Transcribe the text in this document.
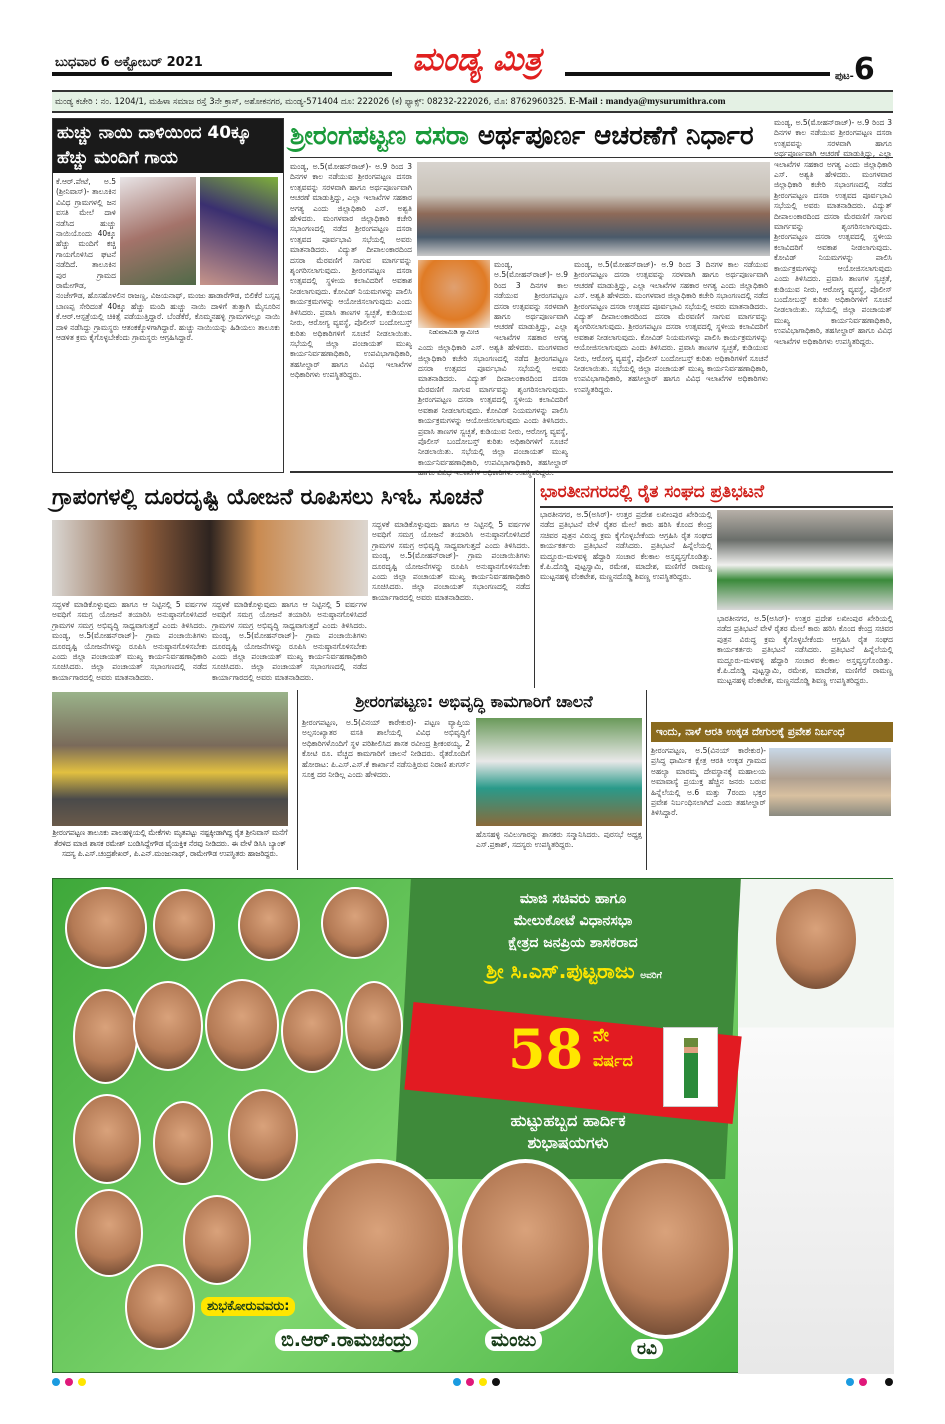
ಬುಧವಾರ 6 ಅಕ್ಟೋಬರ್ 2021	ಮಂಡ್ಯ ಮಿತ್ರ	ಪುಟ-6
ಮಂಡ್ಯ ಕಚೇರಿ : ನಂ. 1204/1, ಮಹಿಳಾ ಸಮಾಜ ರಸ್ತೆ 3ನೇ ಕ್ರಾಸ್, ಅಶೋಕನಗರ, ಮಂಡ್ಯ-571404 ದೂ: 222026 (ಕ) ಫ್ಯಾಕ್ಸ್: 08232-222026, ಮೊ: 8762960325. E-Mail : mandya@mysurumithra.com
ಹುಚ್ಚು ನಾಯಿ ದಾಳಿಯಿಂದ 40ಕ್ಕೂ ಹೆಚ್ಚು ಮಂದಿಗೆ ಗಾಯ
ಕೆ.ಆರ್.ಪೇಟೆ, ಅ.5 (ಶ್ರೀನಿವಾಸ್)- ತಾಲೂಕಿನ ವಿವಿಧ ಗ್ರಾಮಗಳಲ್ಲಿ ಜನ ವಸತಿ ಮೇಲೆ ದಾಳಿ ನಡೆಸಿದ ಹುಚ್ಚು ನಾಯಿಯೊಂದು 40ಕ್ಕೂ ಹೆಚ್ಚು ಮಂದಿಗೆ ಕಚ್ಚಿ ಗಾಯಗೊಳಿಸಿದ ಘಟನೆ ನಡೆದಿದೆ. ತಾಲೂಕಿನ ಪುರ ಗ್ರಾಮದ ರಾಮೇಗೌಡ, ನಂಜೇಗೌಡ, ಹೊಸಹೊಳಲಿನ ರಾಜಣ್ಣ, ವಿಜಯನಾಥ್, ಮಂಜು ಹಾಡಾರೆಗೌಡ, ಬಿಲಿಕೆರೆ ಬಸ್ಸಪ್ಪ ಬಾಣಪ್ಪ ಸೇರಿದಂತೆ 40ಕ್ಕೂ ಹೆಚ್ಚು ಮಂದಿ ಹುಚ್ಚು ನಾಯಿ ದಾಳಿಗೆ ತುತ್ತಾಗಿ ಮೈಸೂರಿನ ಕೆ.ಆರ್.ಆಸ್ಪತ್ರೆಯಲ್ಲಿ ಚಿಕಿತ್ಸೆ ಪಡೆಯುತ್ತಿದ್ದಾರೆ. ಬೆಂಡೆಕೆರೆ, ಕೊಮ್ಮನಹಳ್ಳಿ ಗ್ರಾಮಗಳಲ್ಲೂ ನಾಯಿ ದಾಳಿ ನಡೆಸಿದ್ದು ಗ್ರಾಮಸ್ಥರು ಆತಂಕಕ್ಕೊಳಗಾಗಿದ್ದಾರೆ. ಹುಚ್ಚು ನಾಯಿಯನ್ನು ಹಿಡಿಯಲು ತಾಲೂಕು ಆಡಳಿತ ಕ್ರಮ ಕೈಗೊಳ್ಳಬೇಕೆಂದು ಗ್ರಾಮಸ್ಥರು ಆಗ್ರಹಿಸಿದ್ದಾರೆ.
ಶ್ರೀರಂಗಪಟ್ಟಣ ದಸರಾ ಅರ್ಥಪೂರ್ಣ ಆಚರಣೆಗೆ ನಿರ್ಧಾರ
ಮಂಡ್ಯ, ಅ.5(ಮೋಹನ್‌ರಾಜ್)- ಅ.9 ರಿಂದ 3 ದಿನಗಳ ಕಾಲ ನಡೆಯುವ ಶ್ರೀರಂಗಪಟ್ಟಣ ದಸರಾ ಉತ್ಸವವನ್ನು ಸರಳವಾಗಿ ಹಾಗೂ ಅರ್ಥಪೂರ್ಣವಾಗಿ ಆಚರಣೆ ಮಾಡುತ್ತಿದ್ದು, ಎಲ್ಲಾ ಇಲಾಖೆಗಳ ಸಹಕಾರ ಅಗತ್ಯ ಎಂದು ಜಿಲ್ಲಾಧಿಕಾರಿ ಎಸ್. ಅಶ್ವತಿ ಹೇಳಿದರು. ಮಂಗಳವಾರ ಜಿಲ್ಲಾಧಿಕಾರಿ ಕಚೇರಿ ಸಭಾಂಗಣದಲ್ಲಿ ನಡೆದ ಶ್ರೀರಂಗಪಟ್ಟಣ ದಸರಾ ಉತ್ಸವದ ಪೂರ್ವಭಾವಿ ಸಭೆಯಲ್ಲಿ ಅವರು ಮಾತನಾಡಿದರು. ವಿದ್ಯುತ್ ದೀಪಾಲಂಕಾರದಿಂದ ದಸರಾ ಮೆರವಣಿಗೆ ಸಾಗುವ ಮಾರ್ಗವನ್ನು ಶೃಂಗರಿಸಲಾಗುವುದು. ಶ್ರೀರಂಗಪಟ್ಟಣ ದಸರಾ ಉತ್ಸವದಲ್ಲಿ ಸ್ಥಳೀಯ ಕಲಾವಿದರಿಗೆ ಅವಕಾಶ ನೀಡಲಾಗುವುದು. ಕೋವಿಡ್ ನಿಯಮಗಳನ್ನು ಪಾಲಿಸಿ ಕಾರ್ಯಕ್ರಮಗಳನ್ನು ಆಯೋಜಿಸಲಾಗುವುದು ಎಂದು ತಿಳಿಸಿದರು. ಪ್ರವಾಸಿ ತಾಣಗಳ ಸ್ವಚ್ಛತೆ, ಕುಡಿಯುವ ನೀರು, ಆರೋಗ್ಯ ವ್ಯವಸ್ಥೆ, ಪೊಲೀಸ್ ಬಂದೋಬಸ್ತ್ ಕುರಿತು ಅಧಿಕಾರಿಗಳಿಗೆ ಸೂಚನೆ ನೀಡಲಾಯಿತು. ಸಭೆಯಲ್ಲಿ ಜಿಲ್ಲಾ ಪಂಚಾಯತ್ ಮುಖ್ಯ ಕಾರ್ಯನಿರ್ವಹಣಾಧಿಕಾರಿ, ಉಪವಿಭಾಗಾಧಿಕಾರಿ, ತಹಸೀಲ್ದಾರ್ ಹಾಗೂ ವಿವಿಧ ಇಲಾಖೆಗಳ ಅಧಿಕಾರಿಗಳು ಉಪಸ್ಥಿತರಿದ್ದರು.
ನಿಡುಮಾಮಿಡಿ ಸ್ವಾಮೀಜಿ
ಮಂಡ್ಯ, ಅ.5(ಮೋಹನ್‌ರಾಜ್)- ಅ.9 ರಿಂದ 3 ದಿನಗಳ ಕಾಲ ನಡೆಯುವ ಶ್ರೀರಂಗಪಟ್ಟಣ ದಸರಾ ಉತ್ಸವವನ್ನು ಸರಳವಾಗಿ ಹಾಗೂ ಅರ್ಥಪೂರ್ಣವಾಗಿ ಆಚರಣೆ ಮಾಡುತ್ತಿದ್ದು, ಎಲ್ಲಾ ಇಲಾಖೆಗಳ ಸಹಕಾರ ಅಗತ್ಯ ಎಂದು ಜಿಲ್ಲಾಧಿಕಾರಿ ಎಸ್. ಅಶ್ವತಿ ಹೇಳಿದರು. ಮಂಗಳವಾರ ಜಿಲ್ಲಾಧಿಕಾರಿ ಕಚೇರಿ ಸಭಾಂಗಣದಲ್ಲಿ ನಡೆದ ಶ್ರೀರಂಗಪಟ್ಟಣ ದಸರಾ ಉತ್ಸವದ ಪೂರ್ವಭಾವಿ ಸಭೆಯಲ್ಲಿ ಅವರು ಮಾತನಾಡಿದರು. ವಿದ್ಯುತ್ ದೀಪಾಲಂಕಾರದಿಂದ ದಸರಾ ಮೆರವಣಿಗೆ ಸಾಗುವ ಮಾರ್ಗವನ್ನು ಶೃಂಗರಿಸಲಾಗುವುದು. ಶ್ರೀರಂಗಪಟ್ಟಣ ದಸರಾ ಉತ್ಸವದಲ್ಲಿ ಸ್ಥಳೀಯ ಕಲಾವಿದರಿಗೆ ಅವಕಾಶ ನೀಡಲಾಗುವುದು. ಕೋವಿಡ್ ನಿಯಮಗಳನ್ನು ಪಾಲಿಸಿ ಕಾರ್ಯಕ್ರಮಗಳನ್ನು ಆಯೋಜಿಸಲಾಗುವುದು ಎಂದು ತಿಳಿಸಿದರು. ಪ್ರವಾಸಿ ತಾಣಗಳ ಸ್ವಚ್ಛತೆ, ಕುಡಿಯುವ ನೀರು, ಆರೋಗ್ಯ ವ್ಯವಸ್ಥೆ, ಪೊಲೀಸ್ ಬಂದೋಬಸ್ತ್ ಕುರಿತು ಅಧಿಕಾರಿಗಳಿಗೆ ಸೂಚನೆ ನೀಡಲಾಯಿತು. ಸಭೆಯಲ್ಲಿ ಜಿಲ್ಲಾ ಪಂಚಾಯತ್ ಮುಖ್ಯ ಕಾರ್ಯನಿರ್ವಹಣಾಧಿಕಾರಿ, ಉಪವಿಭಾಗಾಧಿಕಾರಿ, ತಹಸೀಲ್ದಾರ್ ಹಾಗೂ ವಿವಿಧ ಇಲಾಖೆಗಳ ಅಧಿಕಾರಿಗಳು ಉಪಸ್ಥಿತರಿದ್ದರು.
ಮಂಡ್ಯ, ಅ.5(ಮೋಹನ್‌ರಾಜ್)- ಅ.9 ರಿಂದ 3 ದಿನಗಳ ಕಾಲ ನಡೆಯುವ ಶ್ರೀರಂಗಪಟ್ಟಣ ದಸರಾ ಉತ್ಸವವನ್ನು ಸರಳವಾಗಿ ಹಾಗೂ ಅರ್ಥಪೂರ್ಣವಾಗಿ ಆಚರಣೆ ಮಾಡುತ್ತಿದ್ದು, ಎಲ್ಲಾ ಇಲಾಖೆಗಳ ಸಹಕಾರ ಅಗತ್ಯ ಎಂದು ಜಿಲ್ಲಾಧಿಕಾರಿ ಎಸ್. ಅಶ್ವತಿ ಹೇಳಿದರು. ಮಂಗಳವಾರ ಜಿಲ್ಲಾಧಿಕಾರಿ ಕಚೇರಿ ಸಭಾಂಗಣದಲ್ಲಿ ನಡೆದ ಶ್ರೀರಂಗಪಟ್ಟಣ ದಸರಾ ಉತ್ಸವದ ಪೂರ್ವಭಾವಿ ಸಭೆಯಲ್ಲಿ ಅವರು ಮಾತನಾಡಿದರು. ವಿದ್ಯುತ್ ದೀಪಾಲಂಕಾರದಿಂದ ದಸರಾ ಮೆರವಣಿಗೆ ಸಾಗುವ ಮಾರ್ಗವನ್ನು ಶೃಂಗರಿಸಲಾಗುವುದು. ಶ್ರೀರಂಗಪಟ್ಟಣ ದಸರಾ ಉತ್ಸವದಲ್ಲಿ ಸ್ಥಳೀಯ ಕಲಾವಿದರಿಗೆ ಅವಕಾಶ ನೀಡಲಾಗುವುದು. ಕೋವಿಡ್ ನಿಯಮಗಳನ್ನು ಪಾಲಿಸಿ ಕಾರ್ಯಕ್ರಮಗಳನ್ನು ಆಯೋಜಿಸಲಾಗುವುದು ಎಂದು ತಿಳಿಸಿದರು. ಪ್ರವಾಸಿ ತಾಣಗಳ ಸ್ವಚ್ಛತೆ, ಕುಡಿಯುವ ನೀರು, ಆರೋಗ್ಯ ವ್ಯವಸ್ಥೆ, ಪೊಲೀಸ್ ಬಂದೋಬಸ್ತ್ ಕುರಿತು ಅಧಿಕಾರಿಗಳಿಗೆ ಸೂಚನೆ ನೀಡಲಾಯಿತು. ಸಭೆಯಲ್ಲಿ ಜಿಲ್ಲಾ ಪಂಚಾಯತ್ ಮುಖ್ಯ ಕಾರ್ಯನಿರ್ವಹಣಾಧಿಕಾರಿ, ಉಪವಿಭಾಗಾಧಿಕಾರಿ, ತಹಸೀಲ್ದಾರ್ ಹಾಗೂ ವಿವಿಧ ಇಲಾಖೆಗಳ ಅಧಿಕಾರಿಗಳು ಉಪಸ್ಥಿತರಿದ್ದರು.
ಮಂಡ್ಯ, ಅ.5(ಮೋಹನ್‌ರಾಜ್)- ಅ.9 ರಿಂದ 3 ದಿನಗಳ ಕಾಲ ನಡೆಯುವ ಶ್ರೀರಂಗಪಟ್ಟಣ ದಸರಾ ಉತ್ಸವವನ್ನು ಸರಳವಾಗಿ ಹಾಗೂ ಅರ್ಥಪೂರ್ಣವಾಗಿ ಆಚರಣೆ ಮಾಡುತ್ತಿದ್ದು, ಎಲ್ಲಾ ಇಲಾಖೆಗಳ ಸಹಕಾರ ಅಗತ್ಯ ಎಂದು ಜಿಲ್ಲಾಧಿಕಾರಿ ಎಸ್. ಅಶ್ವತಿ ಹೇಳಿದರು. ಮಂಗಳವಾರ ಜಿಲ್ಲಾಧಿಕಾರಿ ಕಚೇರಿ ಸಭಾಂಗಣದಲ್ಲಿ ನಡೆದ ಶ್ರೀರಂಗಪಟ್ಟಣ ದಸರಾ ಉತ್ಸವದ ಪೂರ್ವಭಾವಿ ಸಭೆಯಲ್ಲಿ ಅವರು ಮಾತನಾಡಿದರು. ವಿದ್ಯುತ್ ದೀಪಾಲಂಕಾರದಿಂದ ದಸರಾ ಮೆರವಣಿಗೆ ಸಾಗುವ ಮಾರ್ಗವನ್ನು ಶೃಂಗರಿಸಲಾಗುವುದು. ಶ್ರೀರಂಗಪಟ್ಟಣ ದಸರಾ ಉತ್ಸವದಲ್ಲಿ ಸ್ಥಳೀಯ ಕಲಾವಿದರಿಗೆ ಅವಕಾಶ ನೀಡಲಾಗುವುದು. ಕೋವಿಡ್ ನಿಯಮಗಳನ್ನು ಪಾಲಿಸಿ ಕಾರ್ಯಕ್ರಮಗಳನ್ನು ಆಯೋಜಿಸಲಾಗುವುದು ಎಂದು ತಿಳಿಸಿದರು. ಪ್ರವಾಸಿ ತಾಣಗಳ ಸ್ವಚ್ಛತೆ, ಕುಡಿಯುವ ನೀರು, ಆರೋಗ್ಯ ವ್ಯವಸ್ಥೆ, ಪೊಲೀಸ್ ಬಂದೋಬಸ್ತ್ ಕುರಿತು ಅಧಿಕಾರಿಗಳಿಗೆ ಸೂಚನೆ ನೀಡಲಾಯಿತು. ಸಭೆಯಲ್ಲಿ ಜಿಲ್ಲಾ ಪಂಚಾಯತ್ ಮುಖ್ಯ ಕಾರ್ಯನಿರ್ವಹಣಾಧಿಕಾರಿ, ಉಪವಿಭಾಗಾಧಿಕಾರಿ, ತಹಸೀಲ್ದಾರ್ ಹಾಗೂ ವಿವಿಧ ಇಲಾಖೆಗಳ ಅಧಿಕಾರಿಗಳು ಉಪಸ್ಥಿತರಿದ್ದರು.
ಗ್ರಾಪಂಗಳಲ್ಲಿ ದೂರದೃಷ್ಟಿ ಯೋಜನೆ ರೂಪಿಸಲು ಸಿಇಓ ಸೂಚನೆ
ಸದ್ಬಳಕೆ ಮಾಡಿಕೊಳ್ಳುವುದು ಹಾಗೂ ಆ ನಿಟ್ಟಿನಲ್ಲಿ 5 ವರ್ಷಗಳ ಅವಧಿಗೆ ಸಮಗ್ರ ಯೋಜನೆ ತಯಾರಿಸಿ ಅನುಷ್ಠಾನಗೊಳಿಸಿದರೆ ಗ್ರಾಮಗಳ ಸಮಗ್ರ ಅಭಿವೃದ್ಧಿ ಸಾಧ್ಯವಾಗುತ್ತದೆ ಎಂದು ತಿಳಿಸಿದರು. ಮಂಡ್ಯ, ಅ.5(ಮೋಹನ್‌ರಾಜ್)- ಗ್ರಾಮ ಪಂಚಾಯಿತಿಗಳು ದೂರದೃಷ್ಟಿ ಯೋಜನೆಗಳನ್ನು ರೂಪಿಸಿ ಅನುಷ್ಠಾನಗೊಳಿಸಬೇಕು ಎಂದು ಜಿಲ್ಲಾ ಪಂಚಾಯತ್ ಮುಖ್ಯ ಕಾರ್ಯನಿರ್ವಹಣಾಧಿಕಾರಿ ಸೂಚಿಸಿದರು. ಜಿಲ್ಲಾ ಪಂಚಾಯತ್ ಸಭಾಂಗಣದಲ್ಲಿ ನಡೆದ ಕಾರ್ಯಾಗಾರದಲ್ಲಿ ಅವರು ಮಾತನಾಡಿದರು.
ಸದ್ಬಳಕೆ ಮಾಡಿಕೊಳ್ಳುವುದು ಹಾಗೂ ಆ ನಿಟ್ಟಿನಲ್ಲಿ 5 ವರ್ಷಗಳ ಅವಧಿಗೆ ಸಮಗ್ರ ಯೋಜನೆ ತಯಾರಿಸಿ ಅನುಷ್ಠಾನಗೊಳಿಸಿದರೆ ಗ್ರಾಮಗಳ ಸಮಗ್ರ ಅಭಿವೃದ್ಧಿ ಸಾಧ್ಯವಾಗುತ್ತದೆ ಎಂದು ತಿಳಿಸಿದರು. ಮಂಡ್ಯ, ಅ.5(ಮೋಹನ್‌ರಾಜ್)- ಗ್ರಾಮ ಪಂಚಾಯಿತಿಗಳು ದೂರದೃಷ್ಟಿ ಯೋಜನೆಗಳನ್ನು ರೂಪಿಸಿ ಅನುಷ್ಠಾನಗೊಳಿಸಬೇಕು ಎಂದು ಜಿಲ್ಲಾ ಪಂಚಾಯತ್ ಮುಖ್ಯ ಕಾರ್ಯನಿರ್ವಹಣಾಧಿಕಾರಿ ಸೂಚಿಸಿದರು. ಜಿಲ್ಲಾ ಪಂಚಾಯತ್ ಸಭಾಂಗಣದಲ್ಲಿ ನಡೆದ ಕಾರ್ಯಾಗಾರದಲ್ಲಿ ಅವರು ಮಾತನಾಡಿದರು.
ಸದ್ಬಳಕೆ ಮಾಡಿಕೊಳ್ಳುವುದು ಹಾಗೂ ಆ ನಿಟ್ಟಿನಲ್ಲಿ 5 ವರ್ಷಗಳ ಅವಧಿಗೆ ಸಮಗ್ರ ಯೋಜನೆ ತಯಾರಿಸಿ ಅನುಷ್ಠಾನಗೊಳಿಸಿದರೆ ಗ್ರಾಮಗಳ ಸಮಗ್ರ ಅಭಿವೃದ್ಧಿ ಸಾಧ್ಯವಾಗುತ್ತದೆ ಎಂದು ತಿಳಿಸಿದರು. ಮಂಡ್ಯ, ಅ.5(ಮೋಹನ್‌ರಾಜ್)- ಗ್ರಾಮ ಪಂಚಾಯಿತಿಗಳು ದೂರದೃಷ್ಟಿ ಯೋಜನೆಗಳನ್ನು ರೂಪಿಸಿ ಅನುಷ್ಠಾನಗೊಳಿಸಬೇಕು ಎಂದು ಜಿಲ್ಲಾ ಪಂಚಾಯತ್ ಮುಖ್ಯ ಕಾರ್ಯನಿರ್ವಹಣಾಧಿಕಾರಿ ಸೂಚಿಸಿದರು. ಜಿಲ್ಲಾ ಪಂಚಾಯತ್ ಸಭಾಂಗಣದಲ್ಲಿ ನಡೆದ ಕಾರ್ಯಾಗಾರದಲ್ಲಿ ಅವರು ಮಾತನಾಡಿದರು.
ಭಾರತೀನಗರದಲ್ಲಿ ರೈತ ಸಂಘದ ಪ್ರತಿಭಟನೆ
ಭಾರತೀನಗರ, ಅ.5(ಅಸಿರ್)- ಉತ್ತರ ಪ್ರದೇಶ ಲಖೀಂಪುರ ಖೇರಿಯಲ್ಲಿ ನಡೆದ ಪ್ರತಿಭಟನೆ ವೇಳೆ ರೈತರ ಮೇಲೆ ಕಾರು ಹರಿಸಿ ಕೊಂದ ಕೇಂದ್ರ ಸಚಿವರ ಪುತ್ರನ ವಿರುದ್ಧ ಕ್ರಮ ಕೈಗೊಳ್ಳಬೇಕೆಂದು ಆಗ್ರಹಿಸಿ ರೈತ ಸಂಘದ ಕಾರ್ಯಕರ್ತರು ಪ್ರತಿಭಟನೆ ನಡೆಸಿದರು. ಪ್ರತಿಭಟನೆ ಹಿನ್ನೆಲೆಯಲ್ಲಿ ಮದ್ದೂರು-ಮಳವಳ್ಳಿ ಹೆದ್ದಾರಿ ಸಂಚಾರ ಕೆಲಕಾಲ ಅಸ್ತವ್ಯಸ್ತಗೊಂಡಿತ್ತು. ಕೆ.ಪಿ.ದೊಡ್ಡಿ ಪುಟ್ಟಸ್ವಾಮಿ, ರಮೇಶ, ಮಾದೇಶ, ಮಣಿಗೆರೆ ರಾಮಣ್ಣ ಮುಟ್ಟನಹಳ್ಳಿ ವೆಂಕಟೇಶ, ಮಣ್ಣನದೊಡ್ಡಿ ಶಿವಣ್ಣ ಉಪಸ್ಥಿತರಿದ್ದರು.
ಭಾರತೀನಗರ, ಅ.5(ಅಸಿರ್)- ಉತ್ತರ ಪ್ರದೇಶ ಲಖೀಂಪುರ ಖೇರಿಯಲ್ಲಿ ನಡೆದ ಪ್ರತಿಭಟನೆ ವೇಳೆ ರೈತರ ಮೇಲೆ ಕಾರು ಹರಿಸಿ ಕೊಂದ ಕೇಂದ್ರ ಸಚಿವರ ಪುತ್ರನ ವಿರುದ್ಧ ಕ್ರಮ ಕೈಗೊಳ್ಳಬೇಕೆಂದು ಆಗ್ರಹಿಸಿ ರೈತ ಸಂಘದ ಕಾರ್ಯಕರ್ತರು ಪ್ರತಿಭಟನೆ ನಡೆಸಿದರು. ಪ್ರತಿಭಟನೆ ಹಿನ್ನೆಲೆಯಲ್ಲಿ ಮದ್ದೂರು-ಮಳವಳ್ಳಿ ಹೆದ್ದಾರಿ ಸಂಚಾರ ಕೆಲಕಾಲ ಅಸ್ತವ್ಯಸ್ತಗೊಂಡಿತ್ತು. ಕೆ.ಪಿ.ದೊಡ್ಡಿ ಪುಟ್ಟಸ್ವಾಮಿ, ರಮೇಶ, ಮಾದೇಶ, ಮಣಿಗೆರೆ ರಾಮಣ್ಣ ಮುಟ್ಟನಹಳ್ಳಿ ವೆಂಕಟೇಶ, ಮಣ್ಣನದೊಡ್ಡಿ ಶಿವಣ್ಣ ಉಪಸ್ಥಿತರಿದ್ದರು.
ಶ್ರೀರಂಗಪಟ್ಟಣ ತಾಲೂಕು ಪಾಲಹಳ್ಳಿಯಲ್ಲಿ ಮೇಕೆಗಳು ಮೃತಪಟ್ಟು ನಷ್ಟಕ್ಕೀಡಾಗಿದ್ದ ರೈತ ಶ್ರೀನಿವಾಸ್ ಮನೆಗೆ ತೆರಳಿದ ಮಾಜಿ ಶಾಸಕ ರಮೇಶ್ ಬಂಡಿಸಿದ್ದೇಗೌಡ ವೈಯಕ್ತಿಕ ನೆರವು ನೀಡಿದರು. ಈ ವೇಳೆ ಡಿಸಿಸಿ ಬ್ಯಾಂಕ್ ಸದಸ್ಯ ಪಿ.ಎಸ್.ಚಂದ್ರಶೇಖರ್, ಪಿ.ಎನ್.ಮಂಜುನಾಥ್, ರಾಮೇಗೌಡ ಉಪಸ್ಥಿತರು ಹಾಜರಿದ್ದರು.
ಶ್ರೀರಂಗಪಟ್ಟಣ: ಅಭಿವೃದ್ಧಿ ಕಾಮಗಾರಿಗೆ ಚಾಲನೆ
ಶ್ರೀರಂಗಪಟ್ಟಣ, ಅ.5(ವಿನಯ್ ಕಾರೇಕುರ)- ಪಟ್ಟಣ ವ್ಯಾಪ್ತಿಯ ಅಲ್ಪಸಂಖ್ಯಾತರ ವಸತಿ ಶಾಲೆಯಲ್ಲಿ ವಿವಿಧ ಅಭಿವೃದ್ಧಿಗೆ ಅಧಿಕಾರಿಗಳೊಂದಿಗೆ ಸ್ಥಳ ಪರಿಶೀಲಿಸಿದ ಶಾಸಕ ರವೀಂದ್ರ ಶ್ರೀಕಂಠಯ್ಯ, 2 ಕೋಟಿ ರೂ. ವೆಚ್ಚದ ಕಾಮಗಾರಿಗೆ ಚಾಲನೆ ನೀಡಿದರು. ರೈತರೊಂದಿಗೆ ಹೋರಾಟ: ಪಿ.ಎಸ್.ಎಸ್.ಕೆ ಕಾರ್ಖಾನೆ ನಡೆಸುತ್ತಿರುವ ನಿರಾಣಿ ಶುಗರ್ಸ್ ಸೂಕ್ತ ದರ ನೀಡಿಲ್ಲ ಎಂದು ಹೇಳಿದರು.
ಹೊಸಹಳ್ಳಿ ನವಿಲುಗಾರನ್ನು ಶಾಸಕರು ಸನ್ಮಾನಿಸಿದರು. ಪುರಸಭೆ ಅಧ್ಯಕ್ಷ ಎಸ್.ಪ್ರಕಾಶ್, ಸದಸ್ಯರು ಉಪಸ್ಥಿತರಿದ್ದರು.
ಇಂದು, ನಾಳೆ ಆರತಿ ಉಕ್ಕಡ ದೇಗುಲಕ್ಕೆ ಪ್ರವೇಶ ನಿರ್ಬಂಧ
ಶ್ರೀರಂಗಪಟ್ಟಣ, ಅ.5(ವಿನಯ್ ಕಾರೇಕುರ)- ಪ್ರಸಿದ್ಧ ಧಾರ್ಮಿಕ ಕ್ಷೇತ್ರ ಆರತಿ ಉಕ್ಕಡ ಗ್ರಾಮದ ಅಹಲ್ಯಾ ಮಾರಮ್ಮ ದೇವಸ್ಥಾನಕ್ಕೆ ಮಹಾಲಯ ಅಮಾವಾಸ್ಯೆ ಪ್ರಯುಕ್ತ ಹೆಚ್ಚಿನ ಜನರು ಬರುವ ಹಿನ್ನೆಲೆಯಲ್ಲಿ ಅ.6 ಮತ್ತು 7ರಂದು ಭಕ್ತರ ಪ್ರವೇಶ ನಿರ್ಬಂಧಿಸಲಾಗಿದೆ ಎಂದು ತಹಸೀಲ್ದಾರ್ ತಿಳಿಸಿದ್ದಾರೆ.
ಮಾಜಿ ಸಚಿವರು ಹಾಗೂ
ಮೇಲುಕೋಟೆ ವಿಧಾನಸಭಾ
ಕ್ಷೇತ್ರದ ಜನಪ್ರಿಯ ಶಾಸಕರಾದ
ಶ್ರೀ ಸಿ.ಎಸ್.ಪುಟ್ಟರಾಜು ಅವರಿಗೆ
58 ನೇ
ವರ್ಷದ
ಹುಟ್ಟುಹಬ್ಬದ ಹಾರ್ದಿಕ
ಶುಭಾಷಯಗಳು
ಶುಭಕೋರುವವರು:
ಬಿ.ಆರ್.ರಾಮಚಂದ್ರು	ಮಂಜು	ರವಿ
